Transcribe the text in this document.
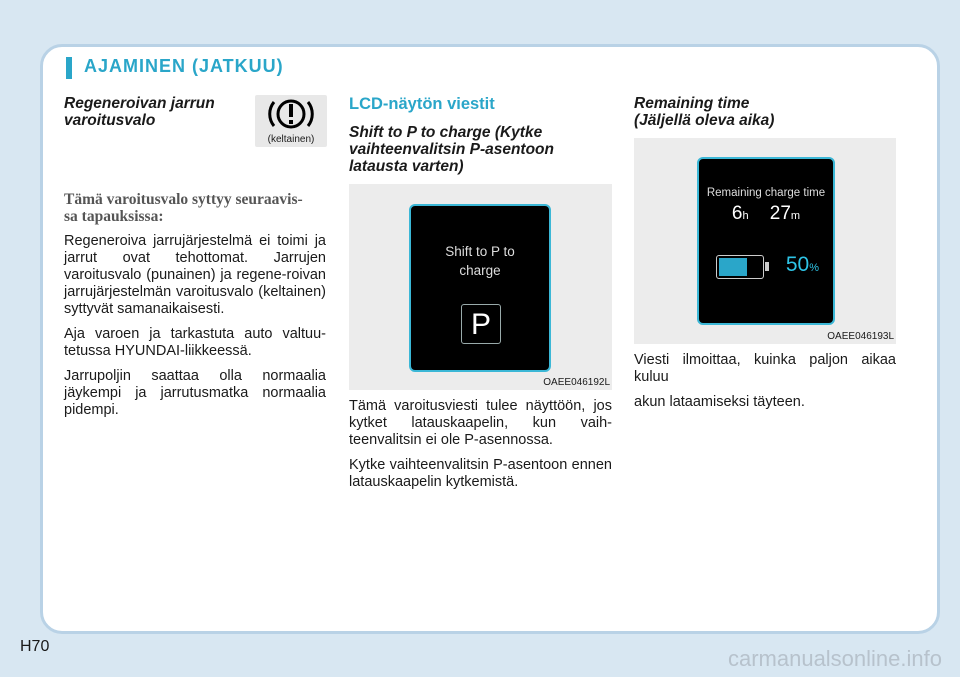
AJAMINEN (JATKUU)
Regeneroivan jarrun
varoitusvalo

Tämä varoitusvalo syttyy seuraavis-
sa tapauksissa:

Regeneroiva jarrujärjestelmä ei toimi ja jarrut ovat tehottomat. Jarrujen varoitusvalo (punainen) ja regene-roivan jarrujärjestelmän varoitusvalo (keltainen) syttyvät samanaikaisesti.

Aja varoen ja tarkastuta auto valtuu-tetussa HYUNDAI-liikkeessä.

Jarrupoljin saattaa olla normaalia jäykempi ja jarrutusmatka normaalia pidempi.

(keltainen)
LCD-näytön viestit
Shift to P to charge (Kytke vaihteenvalitsin P-asentoon latausta varten)
Shift to P to
charge
P
OAEE046192L

Tämä varoitusviesti tulee näyttöön, jos kytket latauskaapelin, kun vaih-teenvalitsin ei ole P-asennossa.

Kytke vaihteenvalitsin P-asentoon ennen latauskaapelin kytkemistä.

Remaining time
(Jäljellä oleva aika)
Remaining charge time
6h 27m
50%
OAEE046193L

Viesti ilmoittaa, kuinka paljon aikaa kuluu

akun lataamiseksi täyteen.

H70	carmanualsonline.info
